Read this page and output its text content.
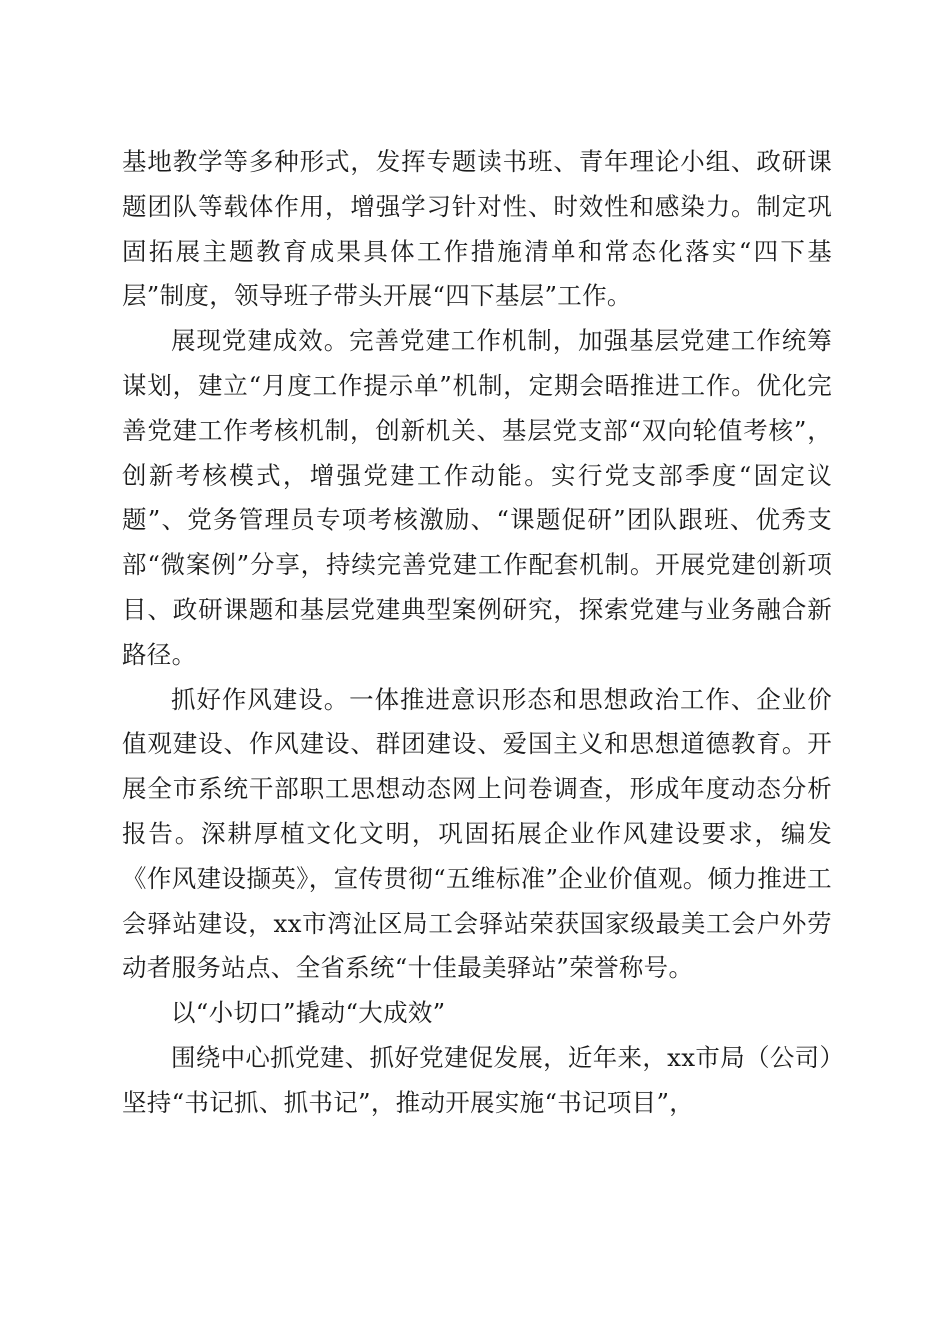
基地教学等多种形式，发挥专题读书班、青年理论小组、政研课题团队等载体作用，增强学习针对性、时效性和感染力。制定巩固拓展主题教育成果具体工作措施清单和常态化落实“四下基层”制度，领导班子带头开展“四下基层”工作。

展现党建成效。完善党建工作机制，加强基层党建工作统筹谋划，建立“月度工作提示单”机制，定期会晤推进工作。优化完善党建工作考核机制，创新机关、基层党支部“双向轮值考核”，创新考核模式，增强党建工作动能。实行党支部季度“固定议题”、党务管理员专项考核激励、“课题促研”团队跟班、优秀支部“微案例”分享，持续完善党建工作配套机制。开展党建创新项目、政研课题和基层党建典型案例研究，探索党建与业务融合新路径。

抓好作风建设。一体推进意识形态和思想政治工作、企业价值观建设、作风建设、群团建设、爱国主义和思想道德教育。开展全市系统干部职工思想动态网上问卷调查，形成年度动态分析报告。深耕厚植文化文明，巩固拓展企业作风建设要求，编发《作风建设撷英》，宣传贯彻“五维标准”企业价值观。倾力推进工会驿站建设，xx市湾沚区局工会驿站荣获国家级最美工会户外劳动者服务站点、全省系统“十佳最美驿站”荣誉称号。

以“小切口”撬动“大成效”

围绕中心抓党建、抓好党建促发展，近年来，xx市局（公司）坚持“书记抓、抓书记”，推动开展实施“书记项目”，
